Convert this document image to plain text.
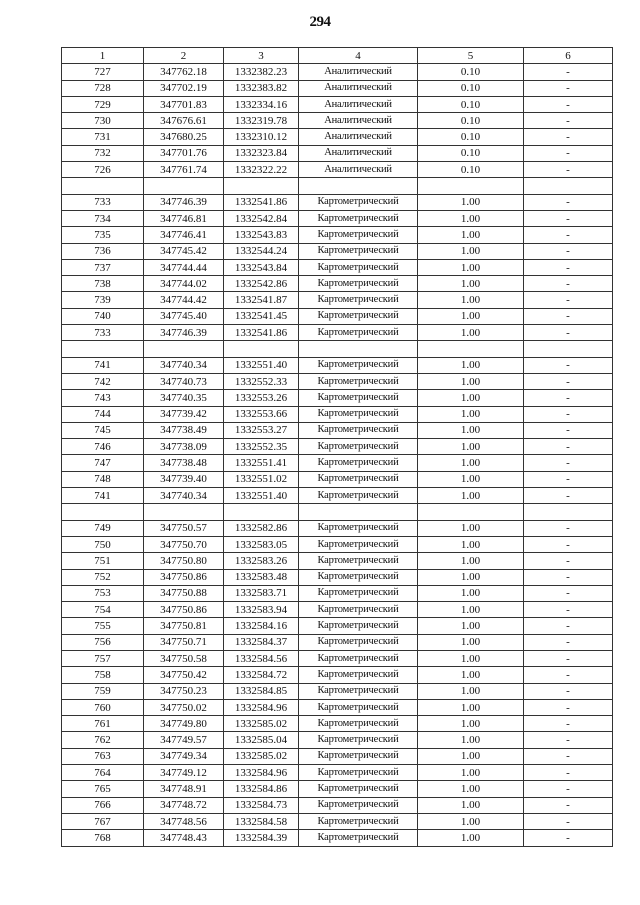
294
1	2	3	4	5	6
727	347762.18	1332382.23	Аналитический	0.10	-
728	347702.19	1332383.82	Аналитический	0.10	-
729	347701.83	1332334.16	Аналитический	0.10	-
730	347676.61	1332319.78	Аналитический	0.10	-
731	347680.25	1332310.12	Аналитический	0.10	-
732	347701.76	1332323.84	Аналитический	0.10	-
726	347761.74	1332322.22	Аналитический	0.10	-

733	347746.39	1332541.86	Картометрический	1.00	-
734	347746.81	1332542.84	Картометрический	1.00	-
735	347746.41	1332543.83	Картометрический	1.00	-
736	347745.42	1332544.24	Картометрический	1.00	-
737	347744.44	1332543.84	Картометрический	1.00	-
738	347744.02	1332542.86	Картометрический	1.00	-
739	347744.42	1332541.87	Картометрический	1.00	-
740	347745.40	1332541.45	Картометрический	1.00	-
733	347746.39	1332541.86	Картометрический	1.00	-

741	347740.34	1332551.40	Картометрический	1.00	-
742	347740.73	1332552.33	Картометрический	1.00	-
743	347740.35	1332553.26	Картометрический	1.00	-
744	347739.42	1332553.66	Картометрический	1.00	-
745	347738.49	1332553.27	Картометрический	1.00	-
746	347738.09	1332552.35	Картометрический	1.00	-
747	347738.48	1332551.41	Картометрический	1.00	-
748	347739.40	1332551.02	Картометрический	1.00	-
741	347740.34	1332551.40	Картометрический	1.00	-

749	347750.57	1332582.86	Картометрический	1.00	-
750	347750.70	1332583.05	Картометрический	1.00	-
751	347750.80	1332583.26	Картометрический	1.00	-
752	347750.86	1332583.48	Картометрический	1.00	-
753	347750.88	1332583.71	Картометрический	1.00	-
754	347750.86	1332583.94	Картометрический	1.00	-
755	347750.81	1332584.16	Картометрический	1.00	-
756	347750.71	1332584.37	Картометрический	1.00	-
757	347750.58	1332584.56	Картометрический	1.00	-
758	347750.42	1332584.72	Картометрический	1.00	-
759	347750.23	1332584.85	Картометрический	1.00	-
760	347750.02	1332584.96	Картометрический	1.00	-
761	347749.80	1332585.02	Картометрический	1.00	-
762	347749.57	1332585.04	Картометрический	1.00	-
763	347749.34	1332585.02	Картометрический	1.00	-
764	347749.12	1332584.96	Картометрический	1.00	-
765	347748.91	1332584.86	Картометрический	1.00	-
766	347748.72	1332584.73	Картометрический	1.00	-
767	347748.56	1332584.58	Картометрический	1.00	-
768	347748.43	1332584.39	Картометрический	1.00	-
